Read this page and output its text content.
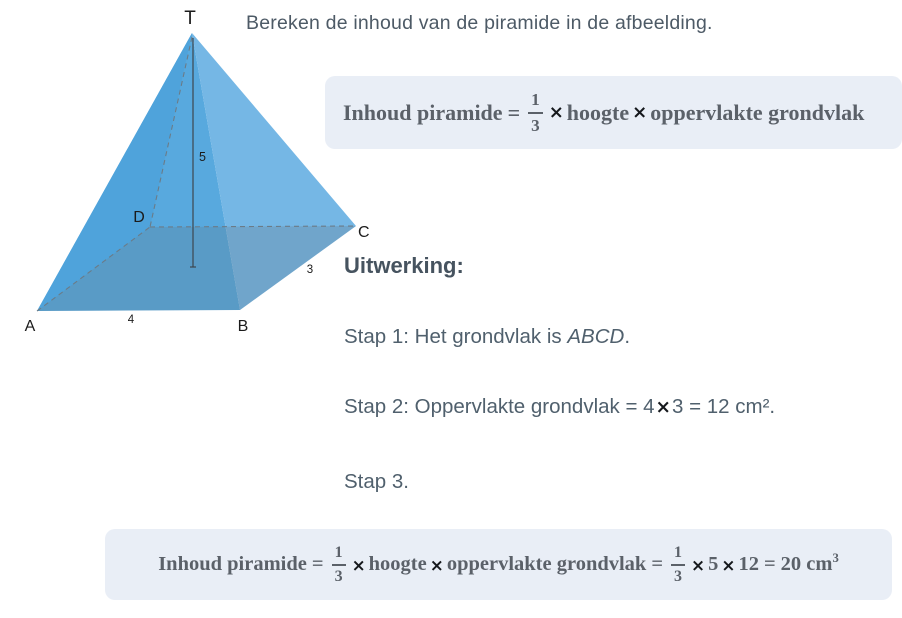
Bereken de inhoud van de piramide in de afbeelding.
T
D
C
A	B
5
4
3
Inhoud piramide = $\frac{1}{3}$ × hoogte × oppervlakte grondvlak
Uitwerking:
Stap 1: Het grondvlak is ABCD.
Stap 2: Oppervlakte grondvlak = 4×3 = 12 cm².
Stap 3.
Inhoud piramide = $\frac{1}{3}$ × hoogte × oppervlakte grondvlak = $\frac{1}{3} \times 5 \times 12 = 20$ $cm^3$
